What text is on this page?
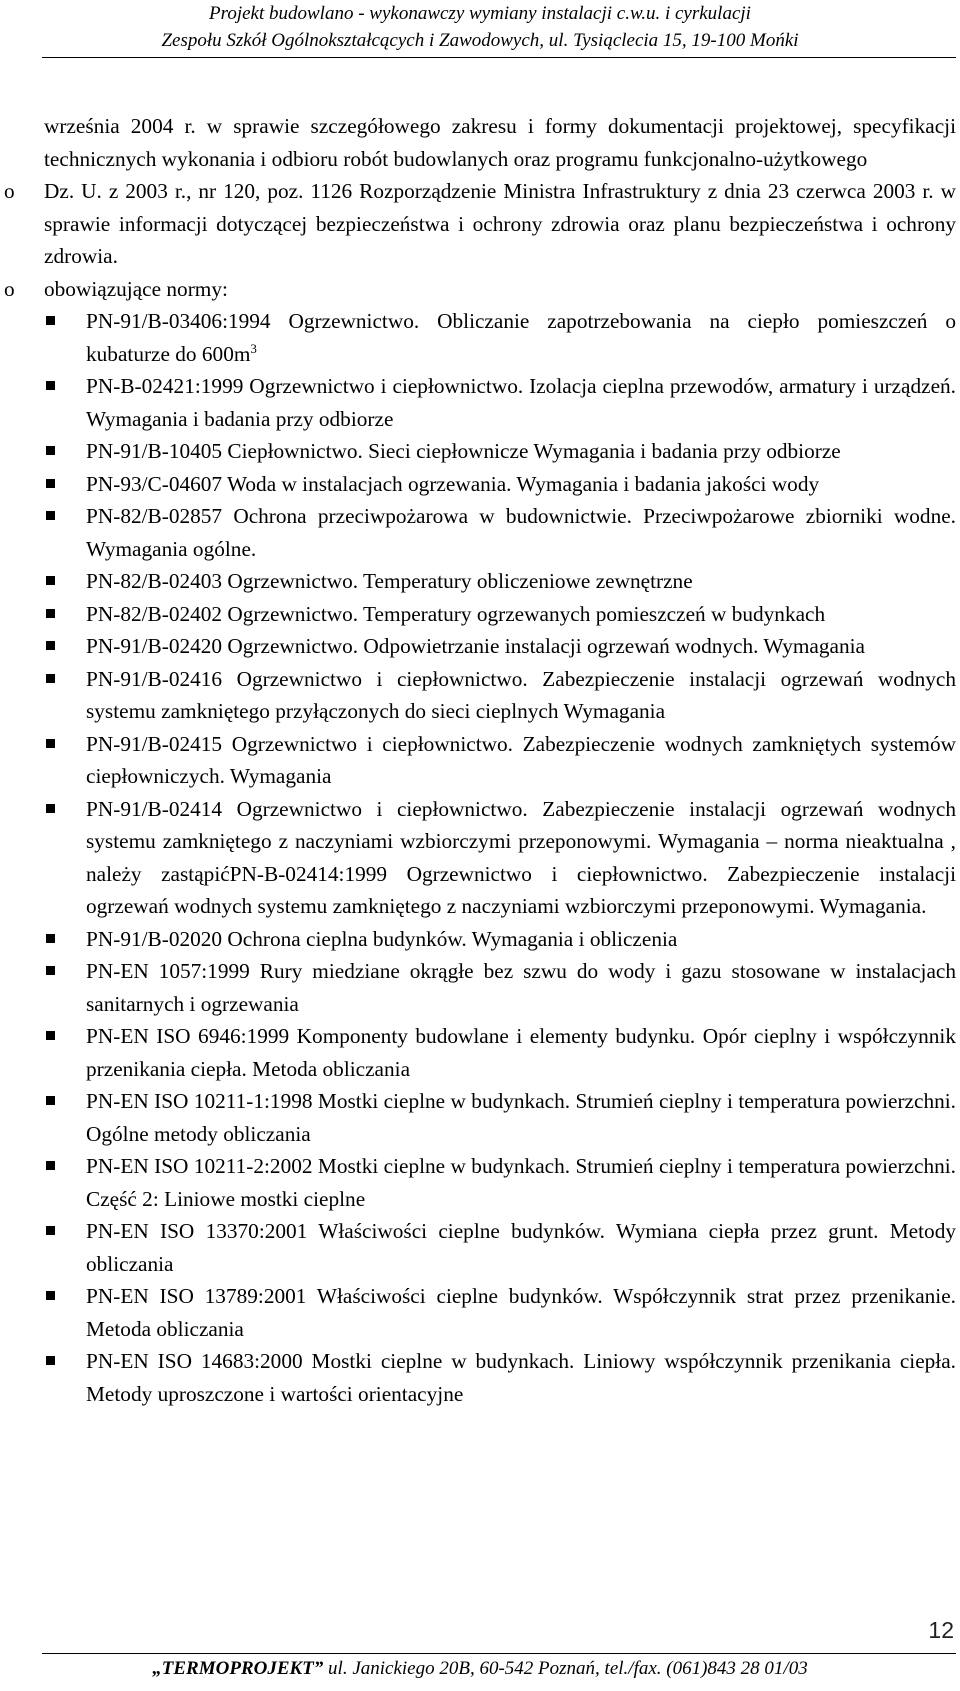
Projekt budowlano - wykonawczy wymiany instalacji c.w.u. i cyrkulacji
Zespołu Szkół Ogólnokształcących i Zawodowych, ul. Tysiąclecia 15, 19-100 Mońki

września 2004 r. w sprawie szczegółowego zakresu i formy dokumentacji projektowej, specyfikacji technicznych wykonania i odbioru robót budowlanych oraz programu funkcjonalno-użytkowego

o Dz. U. z 2003 r., nr 120, poz. 1126 Rozporządzenie Ministra Infrastruktury z dnia 23 czerwca 2003 r. w sprawie informacji dotyczącej bezpieczeństwa i ochrony zdrowia oraz planu bezpieczeństwa i ochrony zdrowia.
o obowiązujące normy:
PN-91/B-03406:1994 Ogrzewnictwo. Obliczanie zapotrzebowania na ciepło pomieszczeń o kubaturze do $600m^3$
PN-B-02421:1999 Ogrzewnictwo i ciepłownictwo. Izolacja cieplna przewodów, armatury i urządzeń. Wymagania i badania przy odbiorze
PN-91/B-10405 Ciepłownictwo. Sieci ciepłownicze Wymagania i badania przy odbiorze
PN-93/C-04607 Woda w instalacjach ogrzewania. Wymagania i badania jakości wody
PN-82/B-02857 Ochrona przeciwpożarowa w budownictwie. Przeciwpożarowe zbiorniki wodne. Wymagania ogólne.
PN-82/B-02403 Ogrzewnictwo. Temperatury obliczeniowe zewnętrzne
PN-82/B-02402 Ogrzewnictwo. Temperatury ogrzewanych pomieszczeń w budynkach
PN-91/B-02420 Ogrzewnictwo. Odpowietrzanie instalacji ogrzewań wodnych. Wymagania
PN-91/B-02416 Ogrzewnictwo i ciepłownictwo. Zabezpieczenie instalacji ogrzewań wodnych systemu zamkniętego przyłączonych do sieci cieplnych Wymagania
PN-91/B-02415 Ogrzewnictwo i ciepłownictwo. Zabezpieczenie wodnych zamkniętych systemów ciepłowniczych. Wymagania
PN-91/B-02414 Ogrzewnictwo i ciepłownictwo. Zabezpieczenie instalacji ogrzewań wodnych systemu zamkniętego z naczyniami wzbiorczymi przeponowymi. Wymagania – norma nieaktualna , należy zastąpićPN-B-02414:1999 Ogrzewnictwo i ciepłownictwo. Zabezpieczenie instalacji ogrzewań wodnych systemu zamkniętego z naczyniami wzbiorczymi przeponowymi. Wymagania.
PN-91/B-02020 Ochrona cieplna budynków. Wymagania i obliczenia
PN-EN 1057:1999 Rury miedziane okrągłe bez szwu do wody i gazu stosowane w instalacjach sanitarnych i ogrzewania
PN-EN ISO 6946:1999 Komponenty budowlane i elementy budynku. Opór cieplny i współczynnik przenikania ciepła. Metoda obliczania
PN-EN ISO 10211-1:1998 Mostki cieplne w budynkach. Strumień cieplny i temperatura powierzchni. Ogólne metody obliczania
PN-EN ISO 10211-2:2002 Mostki cieplne w budynkach. Strumień cieplny i temperatura powierzchni. Część 2: Liniowe mostki cieplne
PN-EN ISO 13370:2001 Właściwości cieplne budynków. Wymiana ciepła przez grunt. Metody obliczania
PN-EN ISO 13789:2001 Właściwości cieplne budynków. Współczynnik strat przez przenikanie. Metoda obliczania
PN-EN ISO 14683:2000 Mostki cieplne w budynkach. Liniowy współczynnik przenikania ciepła. Metody uproszczone i wartości orientacyjne
12
„TERMOPROJEKT” ul. Janickiego 20B, 60-542 Poznań, tel./fax. (061)843 28 01/03
